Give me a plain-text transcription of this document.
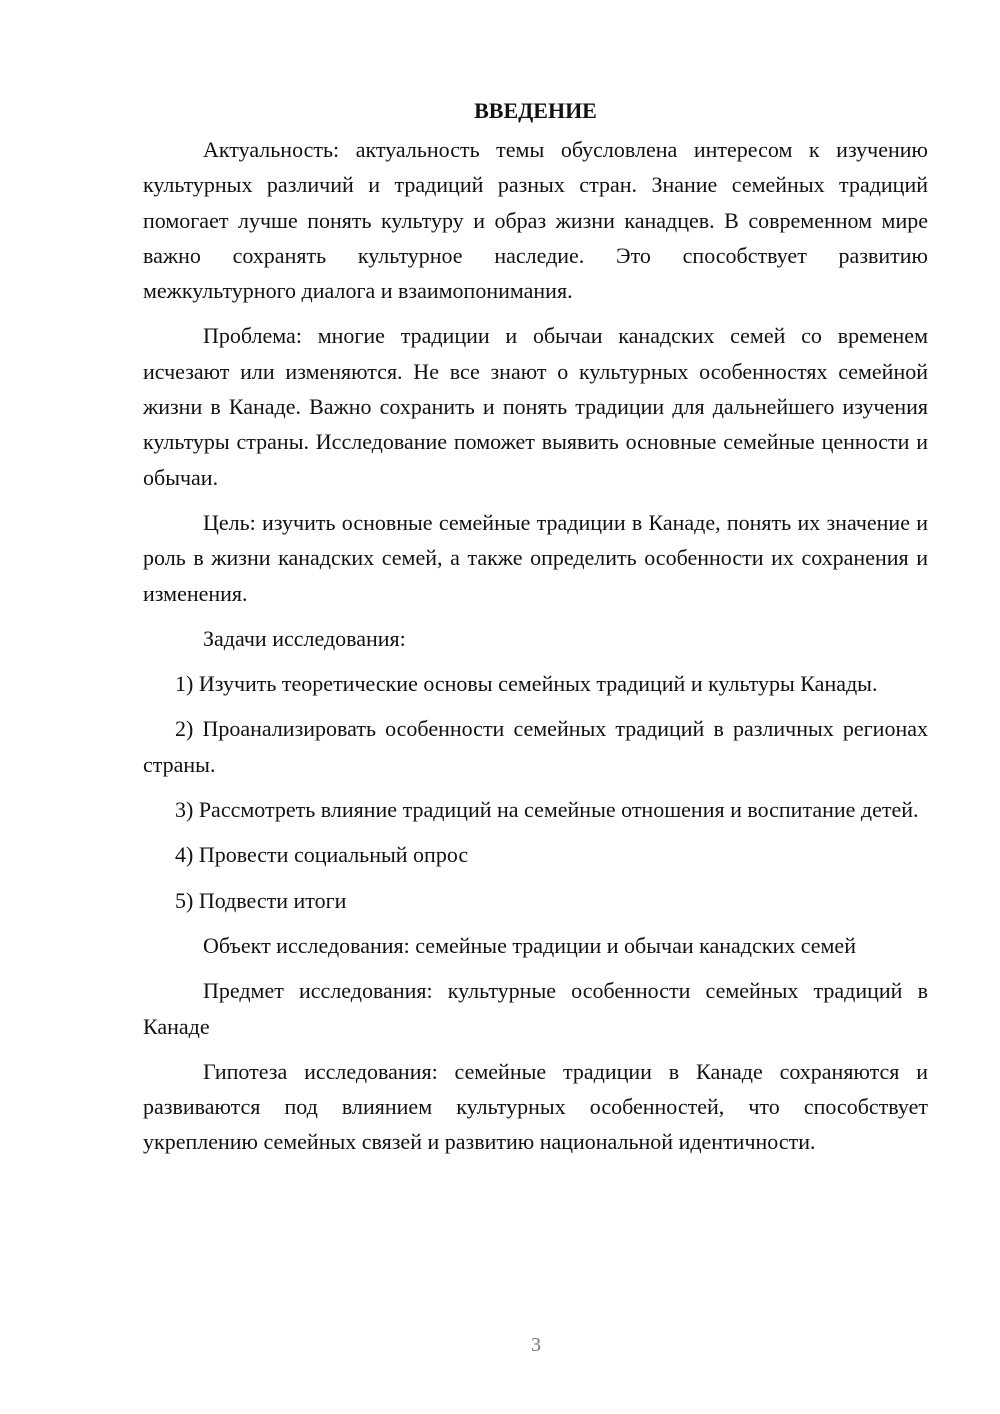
ВВЕДЕНИЕ

Актуальность: актуальность темы обусловлена интересом к изучению культурных различий и традиций разных стран. Знание семейных традиций помогает лучше понять культуру и образ жизни канадцев. В современном мире важно сохранять культурное наследие. Это способствует развитию межкультурного диалога и взаимопонимания.

Проблема: многие традиции и обычаи канадских семей со временем исчезают или изменяются. Не все знают о культурных особенностях семейной жизни в Канаде. Важно сохранить и понять традиции для дальнейшего изучения культуры страны. Исследование поможет выявить основные семейные ценности и обычаи.

Цель: изучить основные семейные традиции в Канаде, понять их значение и роль в жизни канадских семей, а также определить особенности их сохранения и изменения.

Задачи исследования:

1) Изучить теоретические основы семейных традиций и культуры Канады.

2) Проанализировать особенности семейных традиций в различных регионах страны.

3) Рассмотреть влияние традиций на семейные отношения и воспитание детей.

4) Провести социальный опрос

5) Подвести итоги

Объект исследования: семейные традиции и обычаи канадских семей

Предмет исследования: культурные особенности семейных традиций в Канаде

Гипотеза исследования: семейные традиции в Канаде сохраняются и развиваются под влиянием культурных особенностей, что способствует укреплению семейных связей и развитию национальной идентичности.

3
